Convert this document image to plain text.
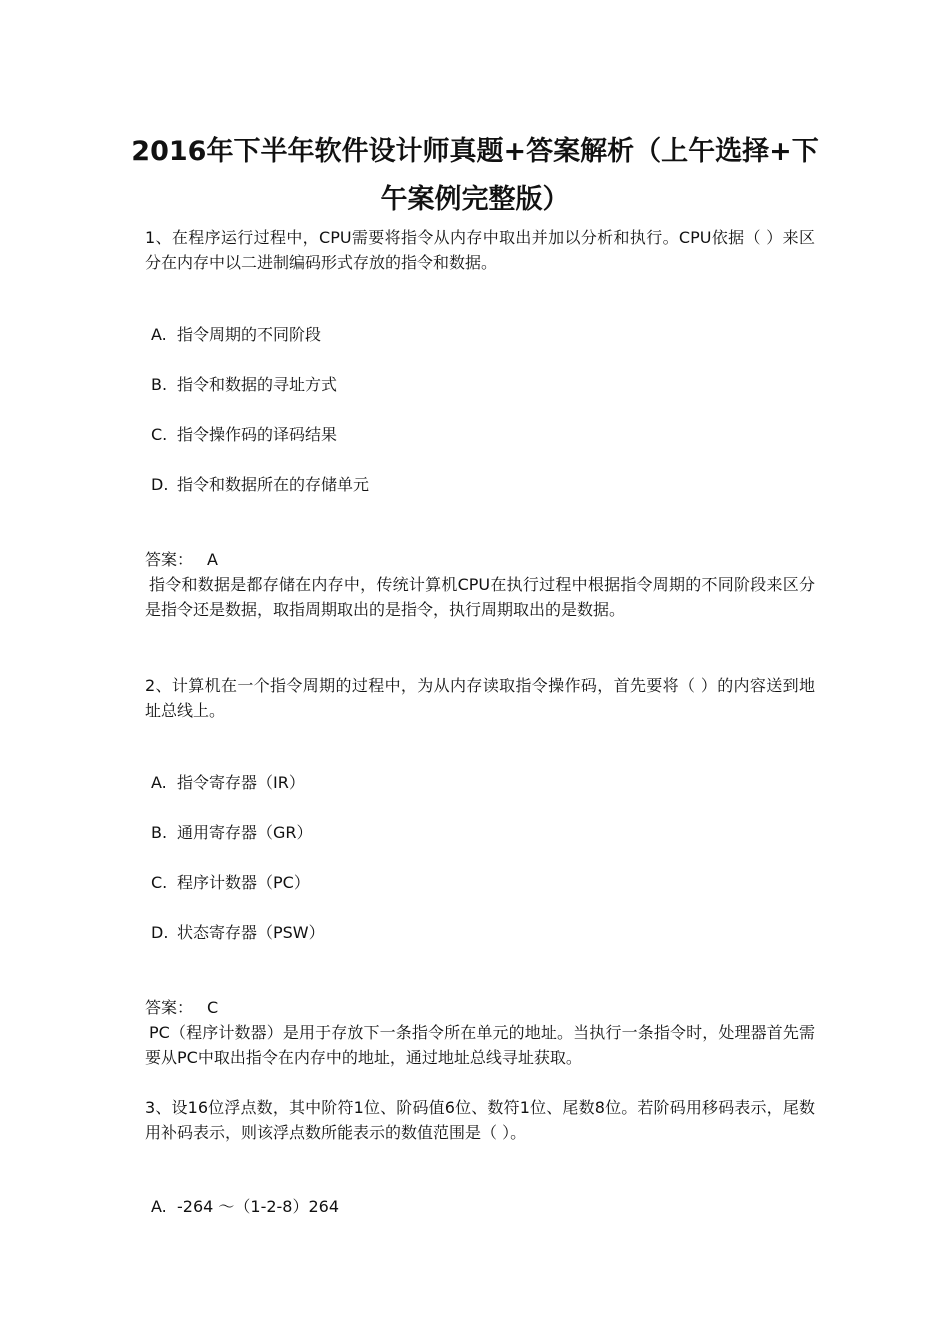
2016年下半年软件设计师真题+答案解析（上午选择+下午案例完整版）

1、在程序运行过程中，CPU需要将指令从内存中取出并加以分析和执行。CPU依据（ ）来区分在内存中以二进制编码形式存放的指令和数据。

A. 指令周期的不同阶段

B. 指令和数据的寻址方式

C. 指令操作码的译码结果

D. 指令和数据所在的存储单元

答案： A

指令和数据是都存储在内存中，传统计算机CPU在执行过程中根据指令周期的不同阶段来区分是指令还是数据，取指周期取出的是指令，执行周期取出的是数据。

2、计算机在一个指令周期的过程中，为从内存读取指令操作码，首先要将（ ）的内容送到地址总线上。

A. 指令寄存器（IR）

B. 通用寄存器（GR）

C. 程序计数器（PC）

D. 状态寄存器（PSW）

答案： C

PC（程序计数器）是用于存放下一条指令所在单元的地址。当执行一条指令时，处理器首先需要从PC中取出指令在内存中的地址，通过地址总线寻址获取。

3、设16位浮点数，其中阶符1位、阶码值6位、数符1位、尾数8位。若阶码用移码表示，尾数用补码表示，则该浮点数所能表示的数值范围是（ ）。

A. -264 ～（1-2-8）264
